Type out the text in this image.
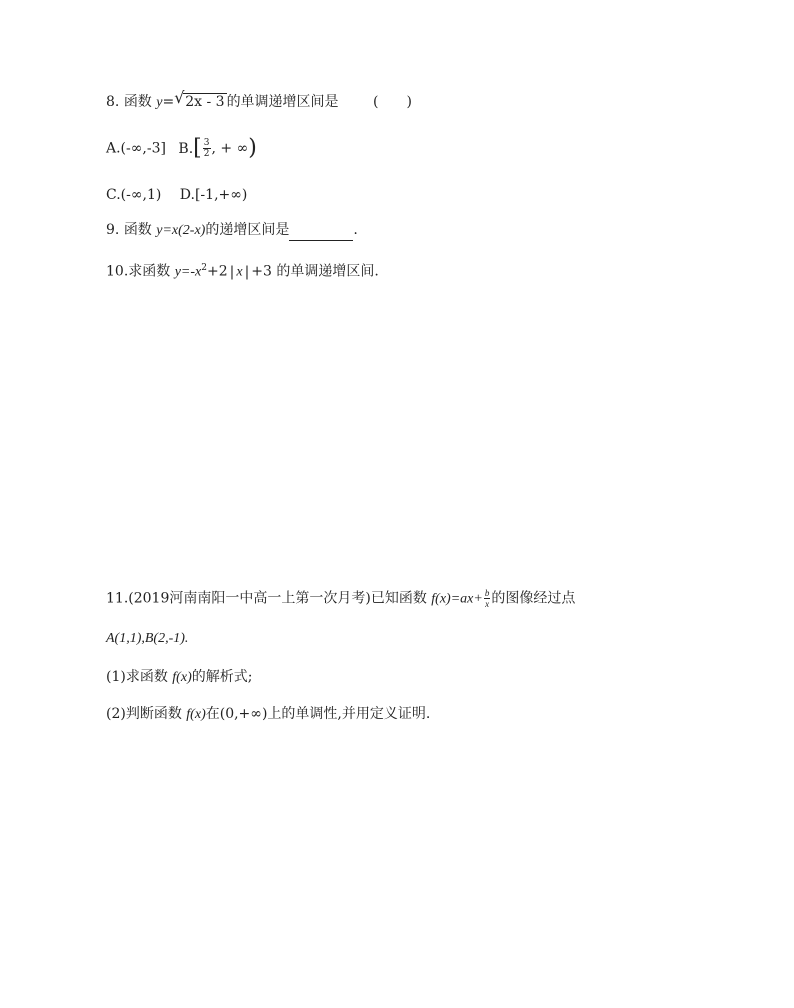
8. 函数 y= √ 2x - 3 的单调递增区间是 (　　)
A.(-∞,-3] $B.[ \frac{3}{2}$ , + ∞)
C.(-∞,1) D.[-1,+∞)
9. 函数 y=x(2-x)的递增区间是	.
10.求函数 $y=-x^2+2$ | x | +3 的单调递增区间.
11.(2019河南南阳一中高一上第一次月考)已知函数 $f(x)=ax+ \frac{b}{x}$ 的图像经过点
A(1,1),B(2,-1).
(1)求函数 f(x)的解析式;
(2)判断函数 f(x)在(0,+∞)上的单调性,并用定义证明.
